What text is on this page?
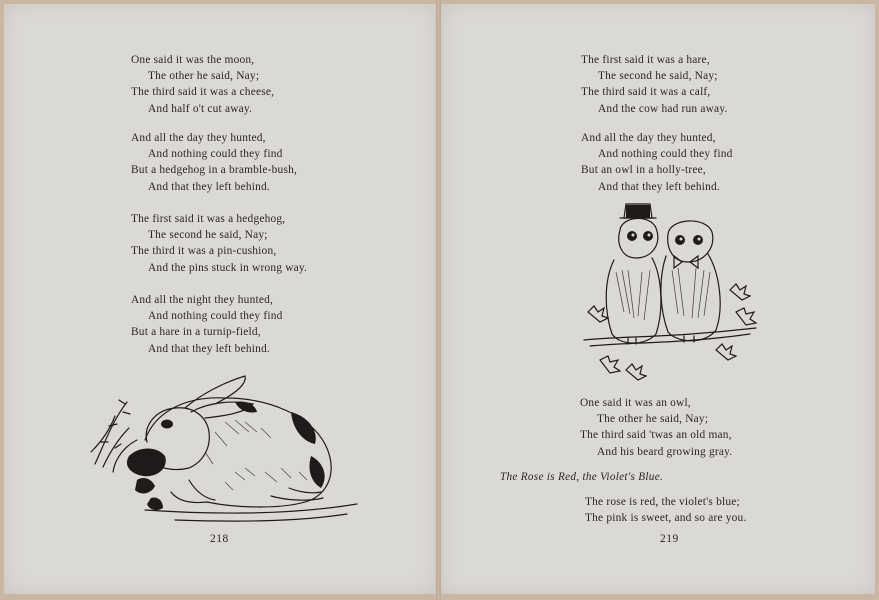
One said it was the moon,
The other he said, Nay;
The third said it was a cheese,
And half o't cut away.
And all the day they hunted,
And nothing could they find
But a hedgehog in a bramble-bush,
And that they left behind.
The first said it was a hedgehog,
The second he said, Nay;
The third it was a pin-cushion,
And the pins stuck in wrong way.
And all the night they hunted,
And nothing could they find
But a hare in a turnip-field,
And that they left behind.
218
The first said it was a hare,
The second he said, Nay;
The third said it was a calf,
And the cow had run away.
And all the day they hunted,
And nothing could they find
But an owl in a holly-tree,
And that they left behind.
One said it was an owl,
The other he said, Nay;
The third said 'twas an old man,
And his beard growing gray.
The Rose is Red, the Violet's Blue.
The rose is red, the violet's blue;
The pink is sweet, and so are you.
219
